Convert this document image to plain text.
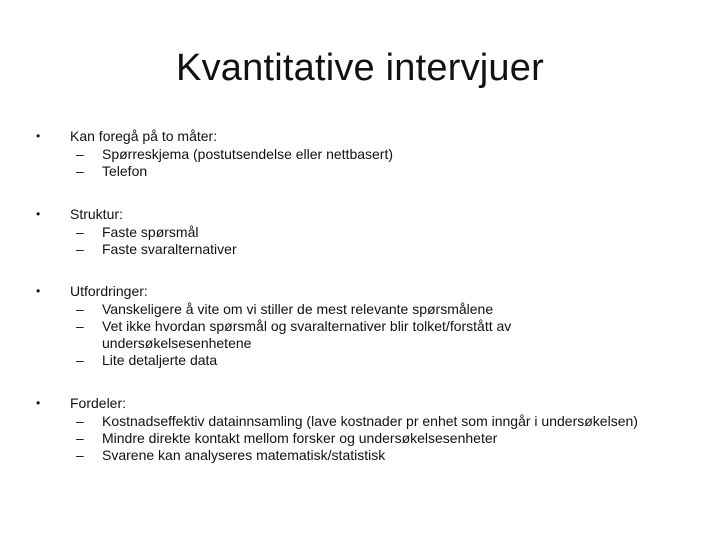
Kvantitative intervjuer
• Kan foregå på to måter:
– Spørreskjema (postutsendelse eller nettbasert)
– Telefon
• Struktur:
– Faste spørsmål
– Faste svaralternativer
• Utfordringer:
– Vanskeligere å vite om vi stiller de mest relevante spørsmålene
– Vet ikke hvordan spørsmål og svaralternativer blir tolket/forstått av undersøkelsesenhetene
– Lite detaljerte data
• Fordeler:
– Kostnadseffektiv datainnsamling (lave kostnader pr enhet som inngår i undersøkelsen)
– Mindre direkte kontakt mellom forsker og undersøkelsesenheter
– Svarene kan analyseres matematisk/statistisk
